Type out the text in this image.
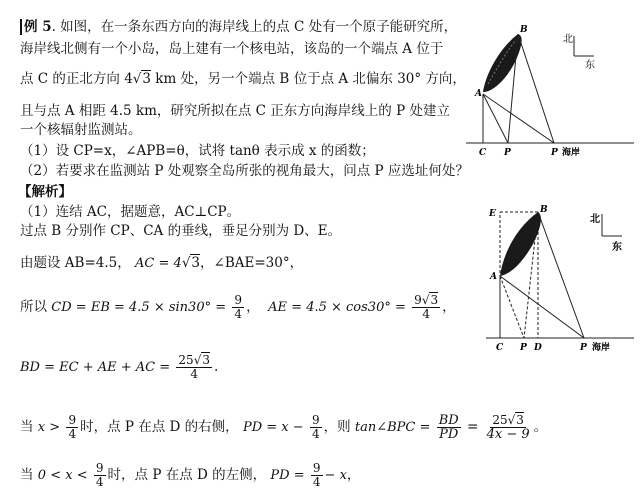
例 5. 如图，在一条东西方向的海岸线上的点 C 处有一个原子能研究所，
海岸线北侧有一个小岛，岛上建有一个核电站，该岛的一个端点 A 位于
点 C 的正北方向 4√3 km 处，另一个端点 B 位于点 A 北偏东 30° 方向，
且与点 A 相距 4.5 km，研究所拟在点 C 正东方向海岸线上的 P 处建立
一个核辐射监测站。
（1）设 CP=x，∠APB=θ，试将 tanθ 表示成 x 的函数；
（2）若要求在监测站 P 处观察全岛所张的视角最大，问点 P 应选址何处？
【解析】
（1）连结 AC，据题意，AC⊥CP。
过点 B 分别作 CP、CA 的垂线，垂足分别为 D、E。
由题设 AB=4.5， AC = 4√3，∠BAE=30°，
所以 CD = EB = $4.5 \times \sin 30^\circ = \frac{9}{4}$ ， AE = $4.5 \times \cos 30^\circ = \frac{9√3}{4}$ ，
BD = EC + AE + AC = $\frac{25√3}{4}$ .
当 $x > \frac{9}{4}$ 时，点 P 在点 D 的右侧， PD = $x - \frac{9}{4}$ ，则 tan∠BPC = $\frac{BD}{PD} = \frac{25√3}{4x - 9}$ 。
当 $0 < x < \frac{9}{4}$ 时，点 P 在点 D 的左侧， PD = $\frac{9}{4} - x$，
北
东
B
A
C P	P 海岸
北
东
E	B
A
C P D	P 海岸
